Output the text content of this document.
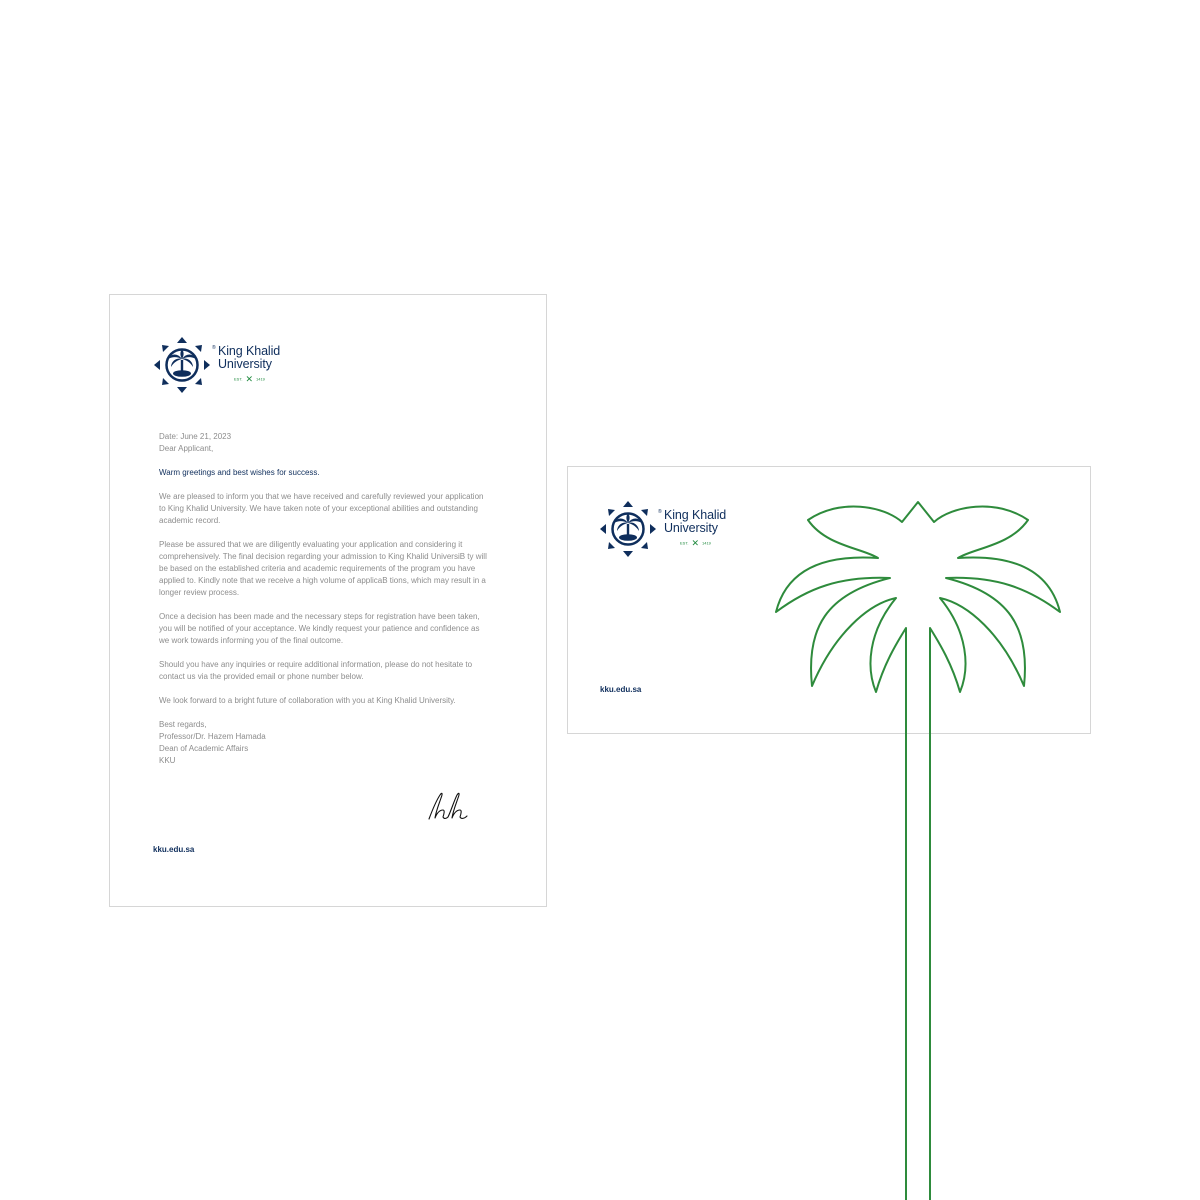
® King Khalid
University
EST. ✕ 1419

Date: June 21, 2023

Dear Applicant,

Warm greetings and best wishes for success.

We are pleased to inform you that we have received and carefully reviewed your application to King Khalid University. We have taken note of your exceptional abilities and outstanding academic record.

Please be assured that we are diligently evaluating your application and considering it comprehensively. The final decision regarding your admission to King Khalid UniversiB ty will be based on the established criteria and academic requirements of the program you have applied to. Kindly note that we receive a high volume of applicaB tions, which may result in a longer review process.

Once a decision has been made and the necessary steps for registration have been taken, you will be notified of your acceptance. We kindly request your patience and confidence as we work towards informing you of the final outcome.

Should you have any inquiries or require additional information, please do not hesitate to contact us via the provided email or phone number below.

We look forward to a bright future of collaboration with you at King Khalid University.

Best regards,

Professor/Dr. Hazem Hamada

Dean of Academic Affairs

KKU

kku.edu.sa
® King Khalid
University
EST. ✕ 1419
kku.edu.sa
